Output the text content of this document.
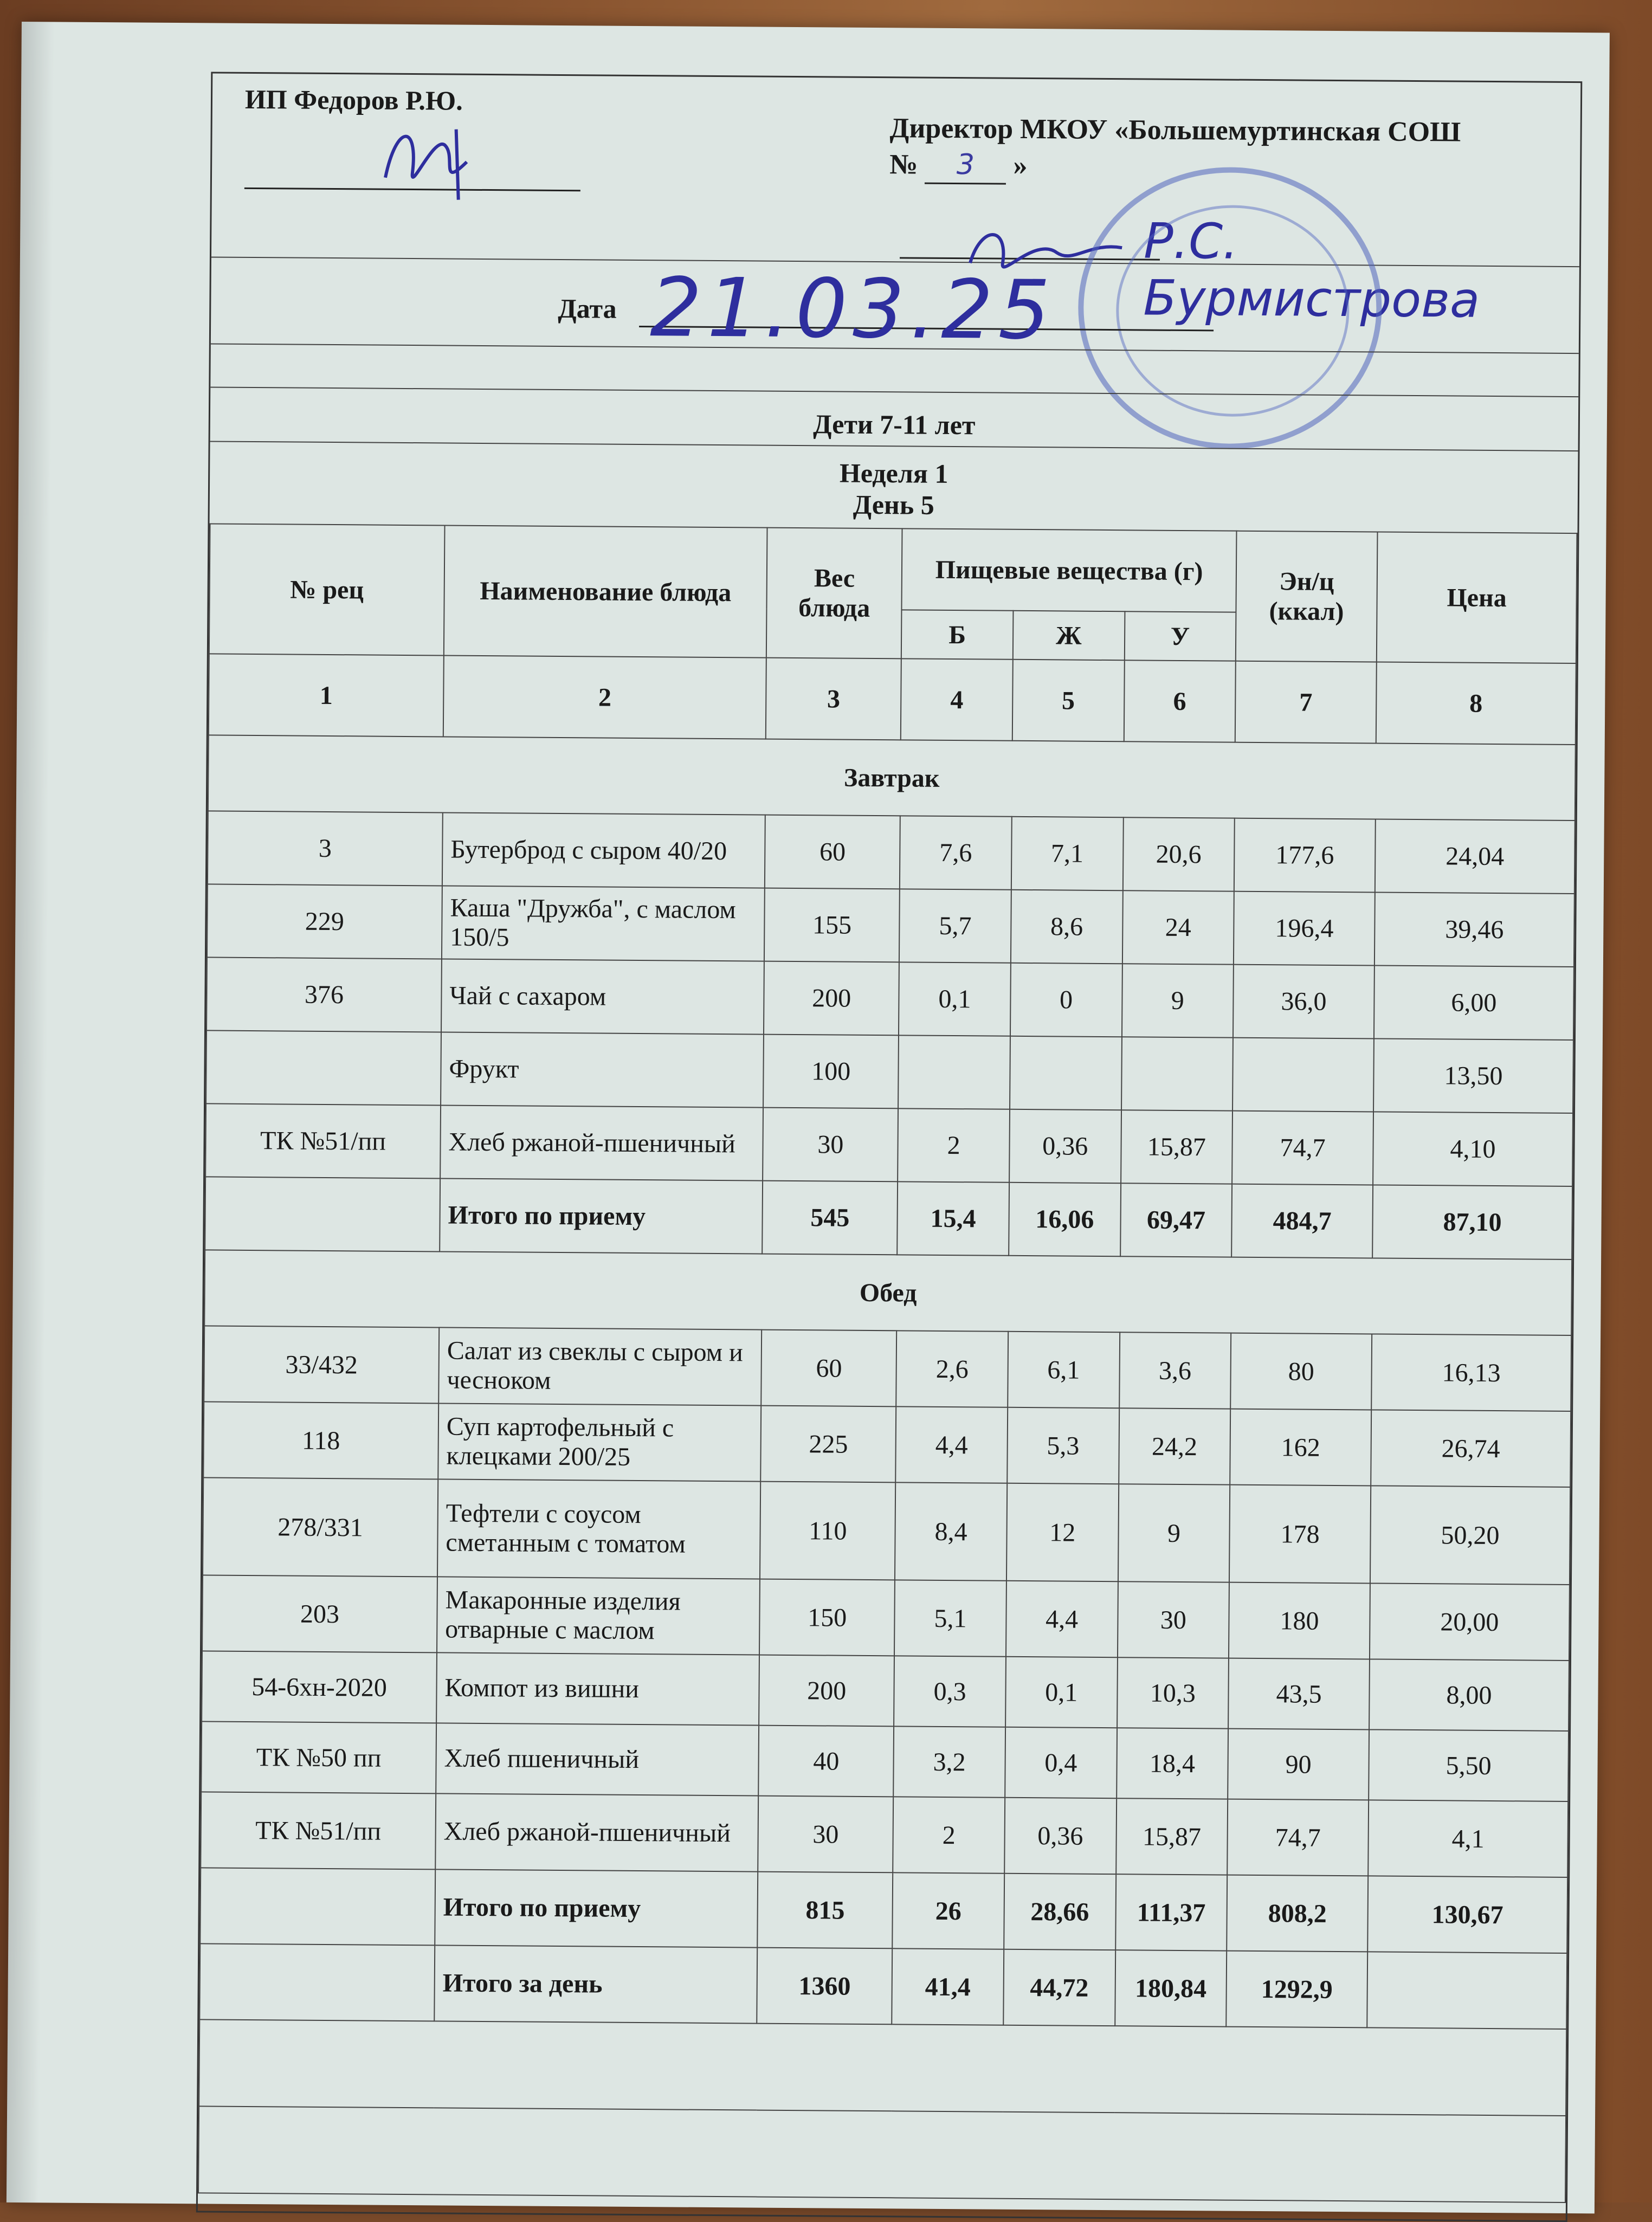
ИП Федоров Р.Ю.
Директор МКОУ «Большемуртинская СОШ
№ 3 »
Р.С. Бурмистрова
Дата 21.03.25
Дети 7-11 лет
Неделя 1
День 5
№ рец	Наименование блюда	Вес блюда	Пищевые вещества (г)			Эн/ц (ккал)	Цена
			Б	Ж	У		
1	2	3	4	5	6	7	8
Завтрак							
3	Бутерброд с сыром 40/20	60	7,6	7,1	20,6	177,6	24,04
229	Каша "Дружба", с маслом 150/5	155	5,7	8,6	24	196,4	39,46
376	Чай с сахаром	200	0,1	0	9	36,0	6,00
	Фрукт	100					13,50
ТК №51/пп	Хлеб ржаной-пшеничный	30	2	0,36	15,87	74,7	4,10
	Итого по приему	545	15,4	16,06	69,47	484,7	87,10
Обед							
33/432	Салат из свеклы с сыром и чесноком	60	2,6	6,1	3,6	80	16,13
118	Суп картофельный с клецками 200/25	225	4,4	5,3	24,2	162	26,74
278/331	Тефтели с соусом сметанным с томатом	110	8,4	12	9	178	50,20
203	Макаронные изделия отварные с маслом	150	5,1	4,4	30	180	20,00
54-6хн-2020	Компот из вишни	200	0,3	0,1	10,3	43,5	8,00
ТК №50 пп	Хлеб пшеничный	40	3,2	0,4	18,4	90	5,50
ТК №51/пп	Хлеб ржаной-пшеничный	30	2	0,36	15,87	74,7	4,1
	Итого по приему	815	26	28,66	111,37	808,2	130,67
	Итого за день	1360	41,4	44,72	180,84	1292,9	
